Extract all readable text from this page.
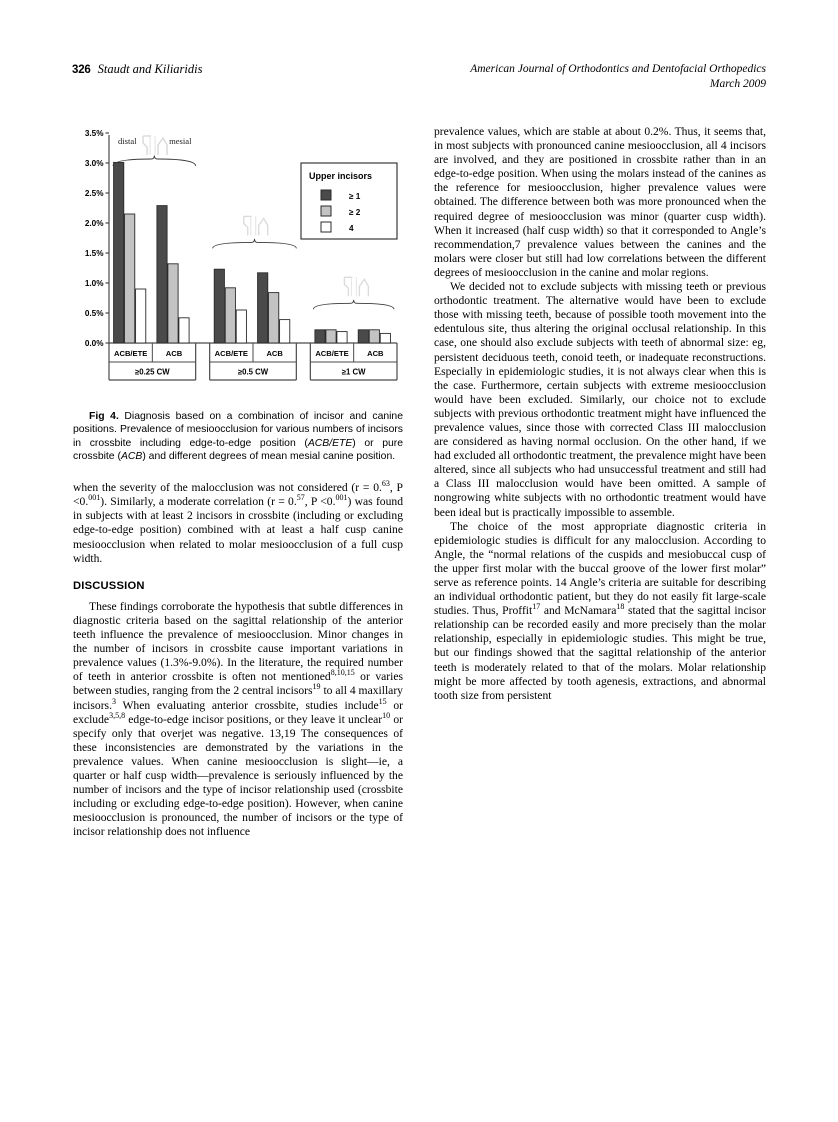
326 Staudt and Kiliaridis	American Journal of Orthodontics and Dentofacial Orthopedics
March 2009
0.0%
0.5%
1.0%
1.5%
2.0%
2.5%
3.0%
3.5%
ACB/ETE ACB
≥0.25 CW
ACB/ETE ACB
≥0.5 CW
ACB/ETE ACB
≥1 CW
distal	mesial
Upper incisors
≥ 1
≥ 2
4

Fig 4. Diagnosis based on a combination of incisor and canine positions. Prevalence of mesioocclusion for various numbers of incisors in crossbite including edge-to-edge position (ACB/ETE) or pure crossbite (ACB) and different degrees of mean mesial canine position.

when the severity of the malocclusion was not considered (r = 0.63, P <0.$^{001}$). Similarly, a moderate correlation (r = 0.57, P <0.$^{001}$) was found in subjects with at least 2 incisors in crossbite (including or excluding edge-to-edge position) combined with at least a half cusp canine mesioocclusion when related to molar mesioocclusion of a full cusp width.

DISCUSSION

These findings corroborate the hypothesis that subtle differences in diagnostic criteria based on the sagittal relationship of the anterior teeth influence the prevalence of mesioocclusion. Minor changes in the number of incisors in crossbite cause important variations in prevalence values (1.3%-9.0%). In the literature, the required number of teeth in anterior crossbite is often not mentioned$^{8,10,15}$ or varies between studies, ranging from the 2 central incisors$^{19}$ to all 4 maxillary incisors.$^3$ When evaluating anterior crossbite, studies include$^{15}$ or exclude$^{3,5,8}$ edge-to-edge incisor positions, or they leave it unclear$^{10}$ or specify only that overjet was negative. 13,19 The consequences of these inconsistencies are demonstrated by the variations in the prevalence values. When canine mesioocclusion is slight—ie, a quarter or half cusp width—prevalence is seriously influenced by the number of incisors and the type of incisor relationship used (crossbite including or excluding edge-to-edge position). However, when canine mesioocclusion is pronounced, the number of incisors or the type of incisor relationship does not influence

prevalence values, which are stable at about 0.2%. Thus, it seems that, in most subjects with pronounced canine mesioocclusion, all 4 incisors are involved, and they are positioned in crossbite rather than in an edge-to-edge position. When using the molars instead of the canines as the reference for mesioocclusion, higher prevalence values were obtained. The difference between both was more pronounced when the required degree of mesioocclusion was minor (quarter cusp width). When it increased (half cusp width) so that it corresponded to Angle’s recommendation,7 prevalence values between the canines and the molars were closer but still had low correlations between the different degrees of mesioocclusion in the canine and molar regions.

We decided not to exclude subjects with missing teeth or previous orthodontic treatment. The alternative would have been to exclude those with missing teeth, because of possible tooth movement into the edentulous site, thus altering the original occlusal relationship. In this case, one should also exclude subjects with teeth of abnormal size: eg, persistent deciduous teeth, conoid teeth, or inadequate reconstructions. Especially in epidemiologic studies, it is not always clear when this is the case. Furthermore, certain subjects with extreme mesioocclusion would have been excluded. Similarly, our choice not to exclude subjects with previous orthodontic treatment might have influenced the prevalence values, since those with corrected Class III malocclusion are considered as having normal occlusion. On the other hand, if we had excluded all orthodontic treatment, the prevalence might have been altered, since all subjects who had unsuccessful treatment and still had a Class III malocclusion would have been omitted. A sample of nongrowing white subjects with no orthodontic treatment would have been ideal but is practically impossible to assemble.

The choice of the most appropriate diagnostic criteria in epidemiologic studies is difficult for any malocclusion. According to Angle, the “normal relations of the cuspids and mesiobuccal cusp of the upper first molar with the buccal groove of the lower first molar” serve as reference points. 14 Angle’s criteria are suitable for describing an individual orthodontic patient, but they do not easily fit large-scale studies. Thus, Proffit$^{17}$ and McNamara$^{18}$ stated that the sagittal incisor relationship can be recorded easily and more precisely than the molar relationship, especially in epidemiologic studies. This might be true, but our findings showed that the sagittal relationship of the anterior teeth is moderately related to that of the molars. Molar relationship might be more affected by tooth agenesis, extractions, and abnormal tooth size from persistent
